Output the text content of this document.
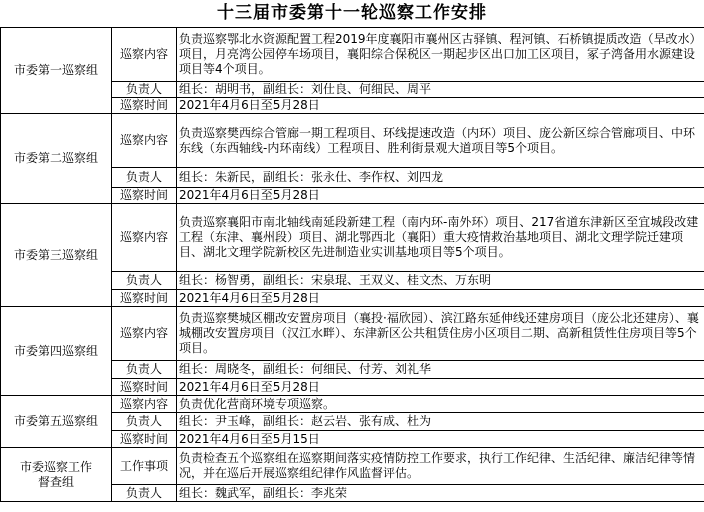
十三届市委第十一轮巡察工作安排
市委第一巡察组	巡察内容	负责巡察鄂北水资源配置工程2019年度襄阳市襄州区古驿镇、程河镇、石桥镇提质改造（旱改水）项目，月亮湾公园停车场项目，襄阳综合保税区一期起步区出口加工区项目，冢子湾备用水源建设项目等4个项目。
	负责人	组长：胡明书，副组长：刘仕良、何细民、周平
	巡察时间	2021年4月6日至5月28日
市委第二巡察组	巡察内容	负责巡察樊西综合管廊一期工程项目、环线提速改造（内环）项目、庞公新区综合管廊项目、中环东线（东西轴线-内环南线）工程项目、胜利街景观大道项目等5个项目。
	负责人	组长：朱新民，副组长：张永仕、李作权、刘四龙
	巡察时间	2021年4月6日至5月28日
市委第三巡察组	巡察内容	负责巡察襄阳市南北轴线南延段新建工程（南内环-南外环）项目、217省道东津新区至宜城段改建工程（东津、襄州段）项目、湖北鄂西北（襄阳）重大疫情救治基地项目、湖北文理学院迁建项目、湖北文理学院新校区先进制造业实训基地项目等5个项目。
	负责人	组长：杨智勇，副组长：宋泉琨、王双义、桂文杰、万东明
	巡察时间	2021年4月6日至5月28日
市委第四巡察组	巡察内容	负责巡察樊城区棚改安置房项目（襄投·福欣园）、滨江路东延伸线还建房项目（庞公北还建房）、襄城棚改安置房项目（汉江水畔）、东津新区公共租赁住房小区项目二期、高新租赁性住房项目等5个项目。
	负责人	组长：周晓冬，副组长：何细民、付芳、刘礼华
	巡察时间	2021年4月6日至5月28日
市委第五巡察组	巡察内容	负责优化营商环境专项巡察。
	负责人	组长：尹玉峰，副组长：赵云岩、张有成、杜为
	巡察时间	2021年4月6日至5月15日

市委巡察工作
督查组	工作事项	负责检查五个巡察组在巡察期间落实疫情防控工作要求，执行工作纪律、生活纪律、廉洁纪律等情况，并在巡后开展巡察组纪律作风监督评估。
	负责人	组长：魏武军，副组长：李兆荣
